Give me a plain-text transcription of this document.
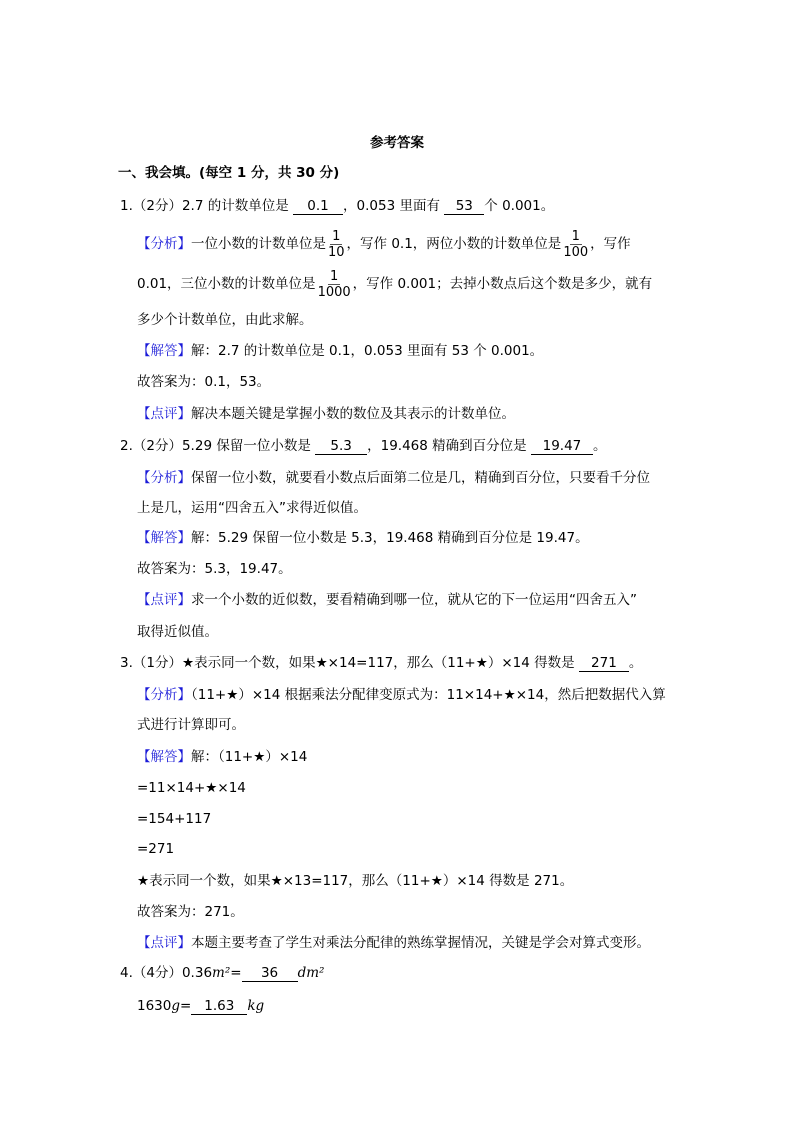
参考答案
一、我会填。(每空 1 分，共 30 分)
1.（2分）2.7 的计数单位是 0.1 ，0.053 里面有 53 个 0.001。
【分析】一位小数的计数单位是 $\frac{1}{10}$ ，写作 0.1，两位小数的计数单位是 $\frac{1}{100}$ ，写作
0.01，三位小数的计数单位是 $\frac{1}{1000}$ ，写作 0.001；去掉小数点后这个数是多少，就有
多少个计数单位，由此求解。
【解答】解：2.7 的计数单位是 0.1，0.053 里面有 53 个 0.001。
故答案为：0.1，53。
【点评】解决本题关键是掌握小数的数位及其表示的计数单位。
2.（2分）5.29 保留一位小数是 5.3 ，19.468 精确到百分位是 19.47 。
【分析】保留一位小数，就要看小数点后面第二位是几，精确到百分位，只要看千分位
上是几，运用“四舍五入”求得近似值。
【解答】解：5.29 保留一位小数是 5.3，19.468 精确到百分位是 19.47。
故答案为：5.3，19.47。
【点评】求一个小数的近似数，要看精确到哪一位，就从它的下一位运用“四舍五入”
取得近似值。
3.（1分）★表示同一个数，如果★×14=117，那么（11+★）×14 得数是 271 。
【分析】（11+★）×14 根据乘法分配律变原式为：11×14+★×14，然后把数据代入算
式进行计算即可。
【解答】解：（11+★）×14
=11×14+★×14
=154+117
=271
★表示同一个数，如果★×13=117，那么（11+★）×14 得数是 271。
故答案为：271。
【点评】本题主要考查了学生对乘法分配律的熟练掌握情况，关键是学会对算式变形。
4.（4分）0.36m²= 36 dm²
1630g= 1.63 kg
